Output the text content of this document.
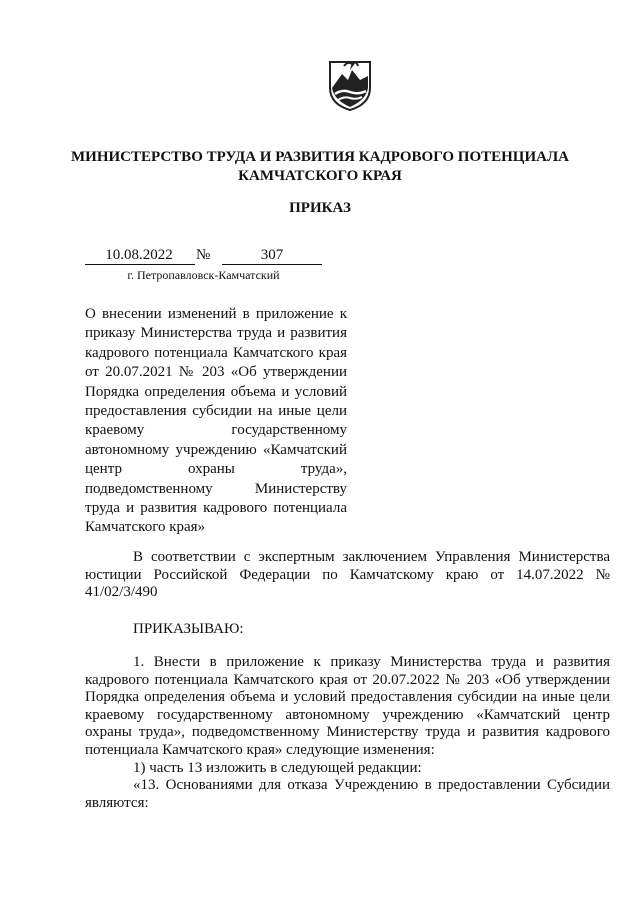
МИНИСТЕРСТВО ТРУДА И РАЗВИТИЯ КАДРОВОГО ПОТЕНЦИАЛА КАМЧАТСКОГО КРАЯ
ПРИКАЗ
10.08.2022	№	307
г. Петропавловск-Камчатский
О внесении изменений в приложение к приказу Министерства труда и развития кадрового потенциала Камчатского края от 20.07.2021 № 203 «Об утверждении Порядка определения объема и условий предоставления субсидии на иные цели краевому государственному автономному учреждению «Камчатский центр охраны труда», подведомственному Министерству труда и развития кадрового потенциала Камчатского края»

В соответствии с экспертным заключением Управления Министерства юстиции Российской Федерации по Камчатскому краю от 14.07.2022 № 41/02/3/490

ПРИКАЗЫВАЮ:

1. Внести в приложение к приказу Министерства труда и развития кадрового потенциала Камчатского края от 20.07.2022 № 203 «Об утверждении Порядка определения объема и условий предоставления субсидии на иные цели краевому государственному автономному учреждению «Камчатский центр охраны труда», подведомственному Министерству труда и развития кадрового потенциала Камчатского края» следующие изменения:

1) часть 13 изложить в следующей редакции:

«13. Основаниями для отказа Учреждению в предоставлении Субсидии являются:
